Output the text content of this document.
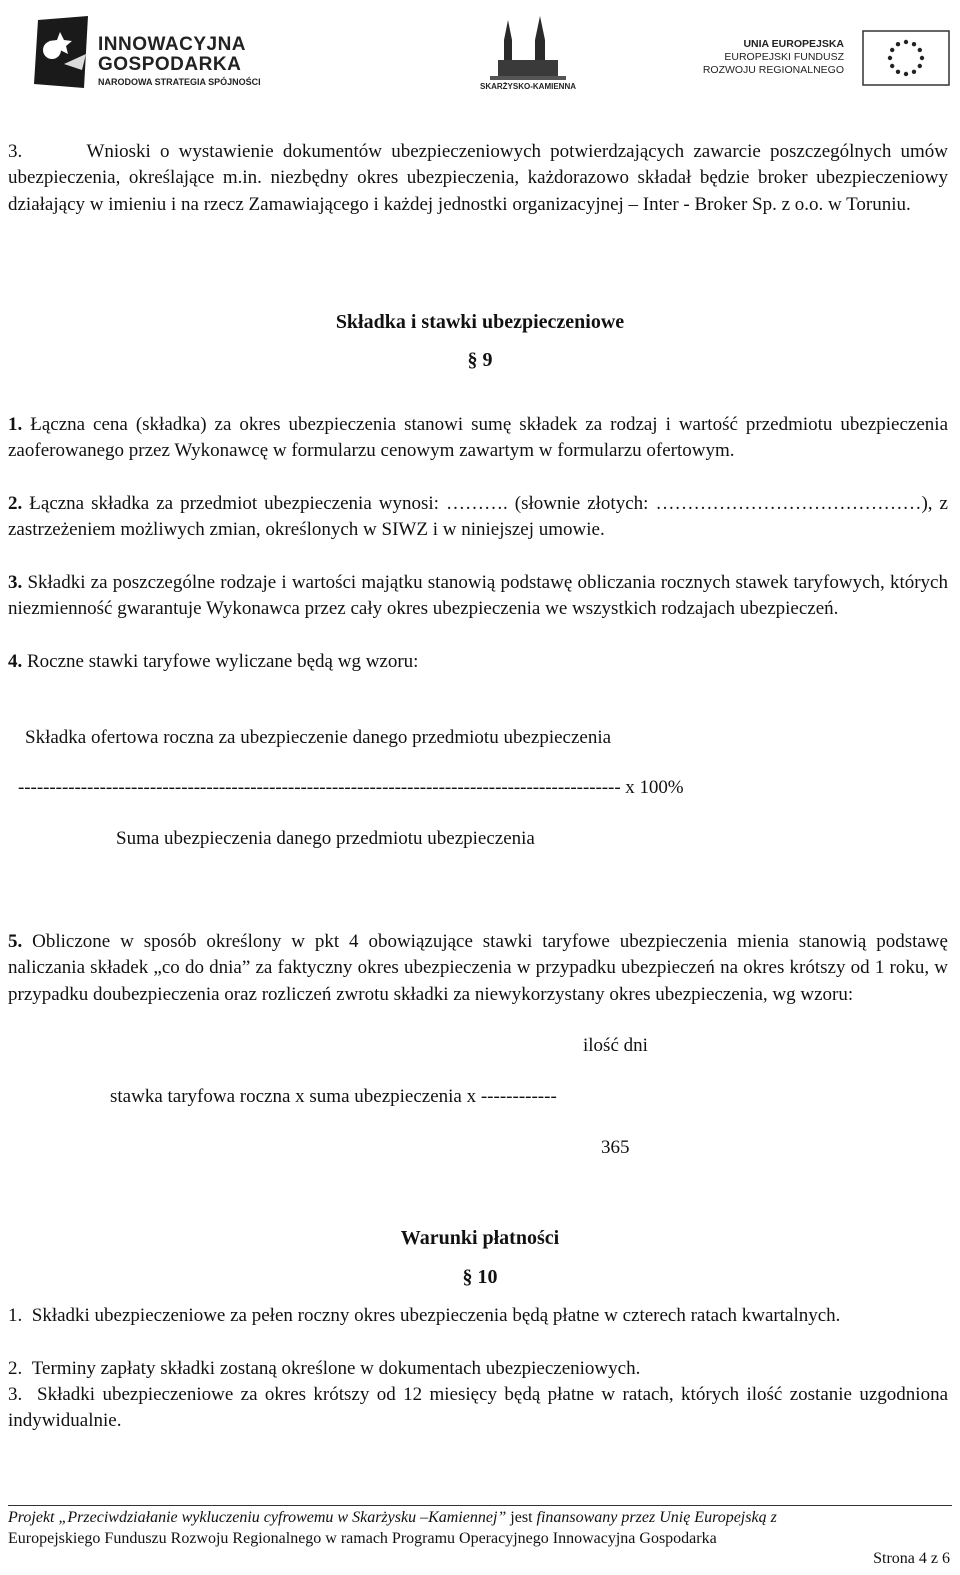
INNOWACYJNA
GOSPODARKA
NARODOWA STRATEGIA SPÓJNOŚCI	SKARŻYSKO-KAMIENNA
UNIA EUROPEJSKA
EUROPEJSKI FUNDUSZ
ROZWOJU REGIONALNEGO
3.	Wnioski o wystawienie dokumentów ubezpieczeniowych potwierdzających zawarcie poszczególnych umów ubezpieczenia, określające m.in. niezbędny okres ubezpieczenia, każdorazowo składał będzie broker ubezpieczeniowy działający w imieniu i na rzecz Zamawiającego i każdej jednostki organizacyjnej – Inter - Broker Sp. z o.o. w Toruniu.
Składka i stawki ubezpieczeniowe
§ 9
1. Łączna cena (składka) za okres ubezpieczenia stanowi sumę składek za rodzaj i wartość przedmiotu ubezpieczenia zaoferowanego przez Wykonawcę w formularzu cenowym zawartym w formularzu ofertowym.
2. Łączna składka za przedmiot ubezpieczenia wynosi: ………. (słownie złotych: ……………………………………), z zastrzeżeniem możliwych zmian, określonych w SIWZ i w niniejszej umowie.
3. Składki za poszczególne rodzaje i wartości majątku stanowią podstawę obliczania rocznych stawek taryfowych, których niezmienność gwarantuje Wykonawca przez cały okres ubezpieczenia we wszystkich rodzajach ubezpieczeń.
4. Roczne stawki taryfowe wyliczane będą wg wzoru:
Składka ofertowa roczna za ubezpieczenie danego przedmiotu ubezpieczenia
------------------------------------------------------------------------------------------------ x 100%
Suma ubezpieczenia danego przedmiotu ubezpieczenia
5. Obliczone w sposób określony w pkt 4 obowiązujące stawki taryfowe ubezpieczenia mienia stanowią podstawę naliczania składek „co do dnia” za faktyczny okres ubezpieczenia w przypadku ubezpieczeń na okres krótszy od 1 roku, w przypadku doubezpieczenia oraz rozliczeń zwrotu składki za niewykorzystany okres ubezpieczenia, wg wzoru:
ilość dni
stawka taryfowa roczna x suma ubezpieczenia x ------------
365
Warunki płatności
§ 10
1. Składki ubezpieczeniowe za pełen roczny okres ubezpieczenia będą płatne w czterech ratach kwartalnych.
2. Terminy zapłaty składki zostaną określone w dokumentach ubezpieczeniowych.
3. Składki ubezpieczeniowe za okres krótszy od 12 miesięcy będą płatne w ratach, których ilość zostanie uzgodniona indywidualnie.
Projekt „Przeciwdziałanie wykluczeniu cyfrowemu w Skarżysku –Kamiennej” jest finansowany przez Unię Europejską z
Europejskiego Funduszu Rozwoju Regionalnego w ramach Programu Operacyjnego Innowacyjna Gospodarka
Strona 4 z 6
